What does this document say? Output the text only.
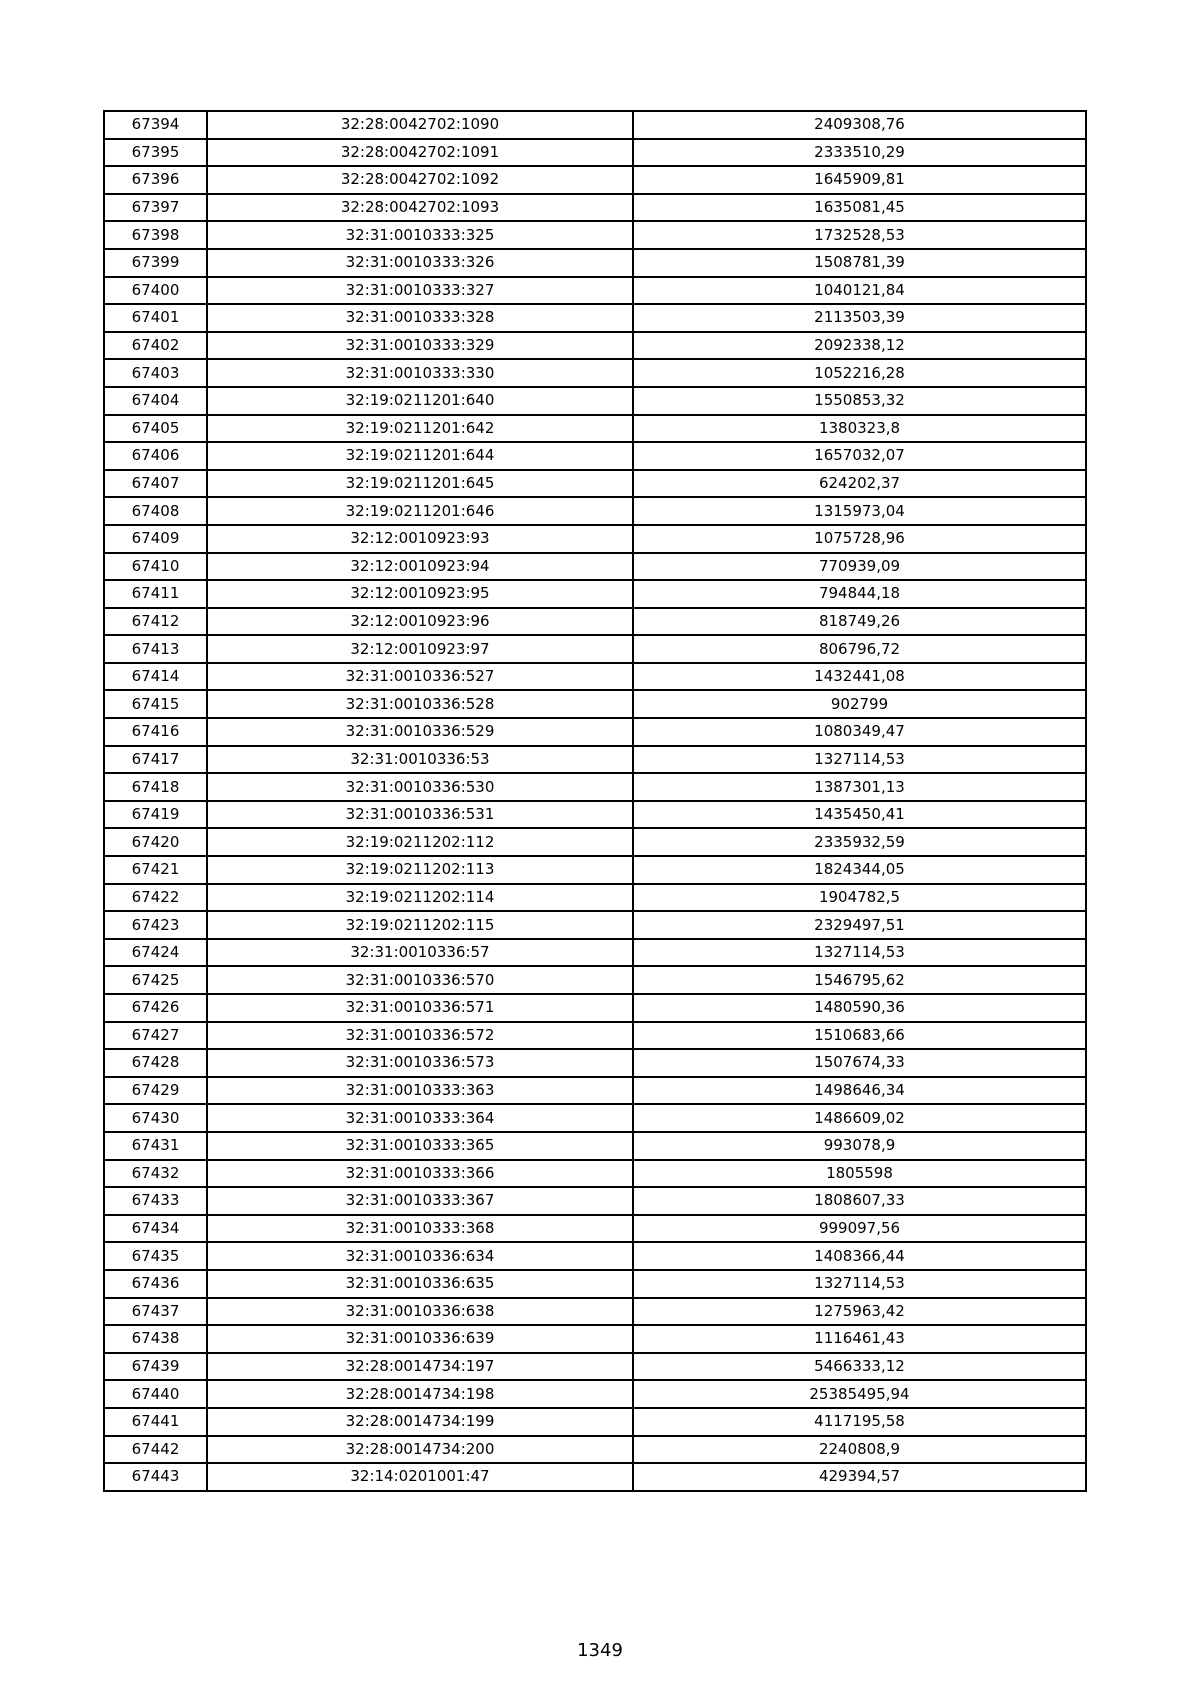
67394	32:28:0042702:1090	2409308,76
67395	32:28:0042702:1091	2333510,29
67396	32:28:0042702:1092	1645909,81
67397	32:28:0042702:1093	1635081,45
67398	32:31:0010333:325	1732528,53
67399	32:31:0010333:326	1508781,39
67400	32:31:0010333:327	1040121,84
67401	32:31:0010333:328	2113503,39
67402	32:31:0010333:329	2092338,12
67403	32:31:0010333:330	1052216,28
67404	32:19:0211201:640	1550853,32
67405	32:19:0211201:642	1380323,8
67406	32:19:0211201:644	1657032,07
67407	32:19:0211201:645	624202,37
67408	32:19:0211201:646	1315973,04
67409	32:12:0010923:93	1075728,96
67410	32:12:0010923:94	770939,09
67411	32:12:0010923:95	794844,18
67412	32:12:0010923:96	818749,26
67413	32:12:0010923:97	806796,72
67414	32:31:0010336:527	1432441,08
67415	32:31:0010336:528	902799
67416	32:31:0010336:529	1080349,47
67417	32:31:0010336:53	1327114,53
67418	32:31:0010336:530	1387301,13
67419	32:31:0010336:531	1435450,41
67420	32:19:0211202:112	2335932,59
67421	32:19:0211202:113	1824344,05
67422	32:19:0211202:114	1904782,5
67423	32:19:0211202:115	2329497,51
67424	32:31:0010336:57	1327114,53
67425	32:31:0010336:570	1546795,62
67426	32:31:0010336:571	1480590,36
67427	32:31:0010336:572	1510683,66
67428	32:31:0010336:573	1507674,33
67429	32:31:0010333:363	1498646,34
67430	32:31:0010333:364	1486609,02
67431	32:31:0010333:365	993078,9
67432	32:31:0010333:366	1805598
67433	32:31:0010333:367	1808607,33
67434	32:31:0010333:368	999097,56
67435	32:31:0010336:634	1408366,44
67436	32:31:0010336:635	1327114,53
67437	32:31:0010336:638	1275963,42
67438	32:31:0010336:639	1116461,43
67439	32:28:0014734:197	5466333,12
67440	32:28:0014734:198	25385495,94
67441	32:28:0014734:199	4117195,58
67442	32:28:0014734:200	2240808,9
67443	32:14:0201001:47	429394,57
1349
